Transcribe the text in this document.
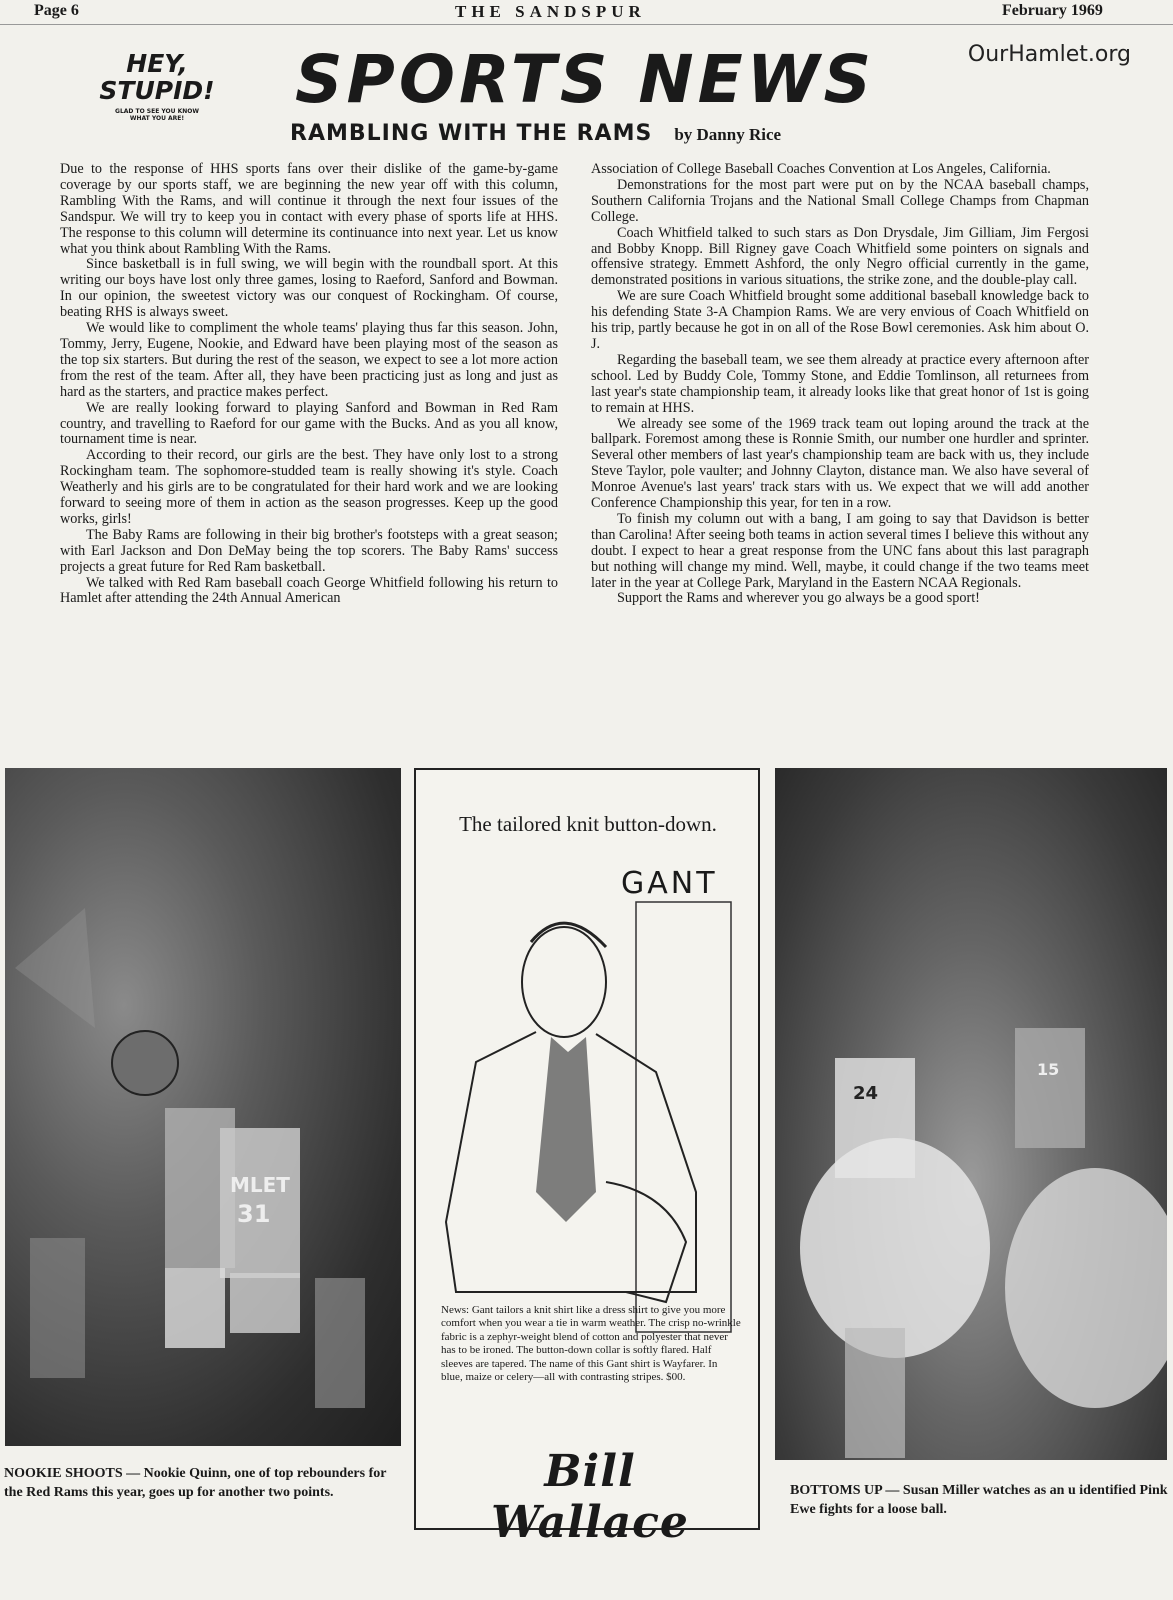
Page 6	THE SANDSPUR	February 1969
OurHamlet.org
HEY,
STUPID!
GLAD TO SEE YOU KNOW WHAT YOU ARE!
SPORTS NEWS
RAMBLING WITH THE RAMS by Danny Rice

Due to the response of HHS sports fans over their dislike of the game-by-game coverage by our sports staff, we are beginning the new year off with this column, Rambling With the Rams, and will continue it through the next four issues of the Sandspur. We will try to keep you in contact with every phase of sports life at HHS. The response to this column will determine its continuance into next year. Let us know what you think about Rambling With the Rams.

Since basketball is in full swing, we will begin with the roundball sport. At this writing our boys have lost only three games, losing to Raeford, Sanford and Bowman. In our opinion, the sweetest victory was our conquest of Rockingham. Of course, beating RHS is always sweet.

We would like to compliment the whole teams' playing thus far this season. John, Tommy, Jerry, Eugene, Nookie, and Edward have been playing most of the season as the top six starters. But during the rest of the season, we expect to see a lot more action from the rest of the team. After all, they have been practicing just as long and just as hard as the starters, and practice makes perfect.

We are really looking forward to playing Sanford and Bowman in Red Ram country, and travelling to Raeford for our game with the Bucks. And as you all know, tournament time is near.

According to their record, our girls are the best. They have only lost to a strong Rockingham team. The sophomore-studded team is really showing it's style. Coach Weatherly and his girls are to be congratulated for their hard work and we are looking forward to seeing more of them in action as the season progresses. Keep up the good works, girls!

The Baby Rams are following in their big brother's footsteps with a great season; with Earl Jackson and Don DeMay being the top scorers. The Baby Rams' success projects a great future for Red Ram basketball.

We talked with Red Ram baseball coach George Whitfield following his return to Hamlet after attending the 24th Annual American

Association of College Baseball Coaches Convention at Los Angeles, California.

Demonstrations for the most part were put on by the NCAA baseball champs, Southern California Trojans and the National Small College Champs from Chapman College.

Coach Whitfield talked to such stars as Don Drysdale, Jim Gilliam, Jim Fergosi and Bobby Knopp. Bill Rigney gave Coach Whitfield some pointers on signals and offensive strategy. Emmett Ashford, the only Negro official currently in the game, demonstrated positions in various situations, the strike zone, and the double-play call.

We are sure Coach Whitfield brought some additional baseball knowledge back to his defending State 3-A Champion Rams. We are very envious of Coach Whitfield on his trip, partly because he got in on all of the Rose Bowl ceremonies. Ask him about O. J.

Regarding the baseball team, we see them already at practice every afternoon after school. Led by Buddy Cole, Tommy Stone, and Eddie Tomlinson, all returnees from last year's state championship team, it already looks like that great honor of 1st is going to remain at HHS.

We already see some of the 1969 track team out loping around the track at the ballpark. Foremost among these is Ronnie Smith, our number one hurdler and sprinter. Several other members of last year's championship team are back with us, they include Steve Taylor, pole vaulter; and Johnny Clayton, distance man. We also have several of Monroe Avenue's last years' track stars with us. We expect that we will add another Conference Championship this year, for ten in a row.

To finish my column out with a bang, I am going to say that Davidson is better than Carolina! After seeing both teams in action several times I believe this without any doubt. I expect to hear a great response from the UNC fans about this last paragraph but nothing will change my mind. Well, maybe, it could change if the two teams meet later in the year at College Park, Maryland in the Eastern NCAA Regionals.

Support the Rams and wherever you go always be a good sport!

MLET
31
NOOKIE SHOOTS — Nookie Quinn, one of top rebounders for the Red Rams this year, goes up for another two points.
The tailored knit button-down.
GANT
News: Gant tailors a knit shirt like a dress shirt to give you more comfort when you wear a tie in warm weather. The crisp no-wrinkle fabric is a zephyr-weight blend of cotton and polyester that never has to be ironed. The button-down collar is softly flared. Half sleeves are tapered. The name of this Gant shirt is Wayfarer. In blue, maize or celery—all with contrasting stripes. $00.
Bill Wallace
24
15
BOTTOMS UP — Susan Miller watches as an u identified Pink Ewe fights for a loose ball.
